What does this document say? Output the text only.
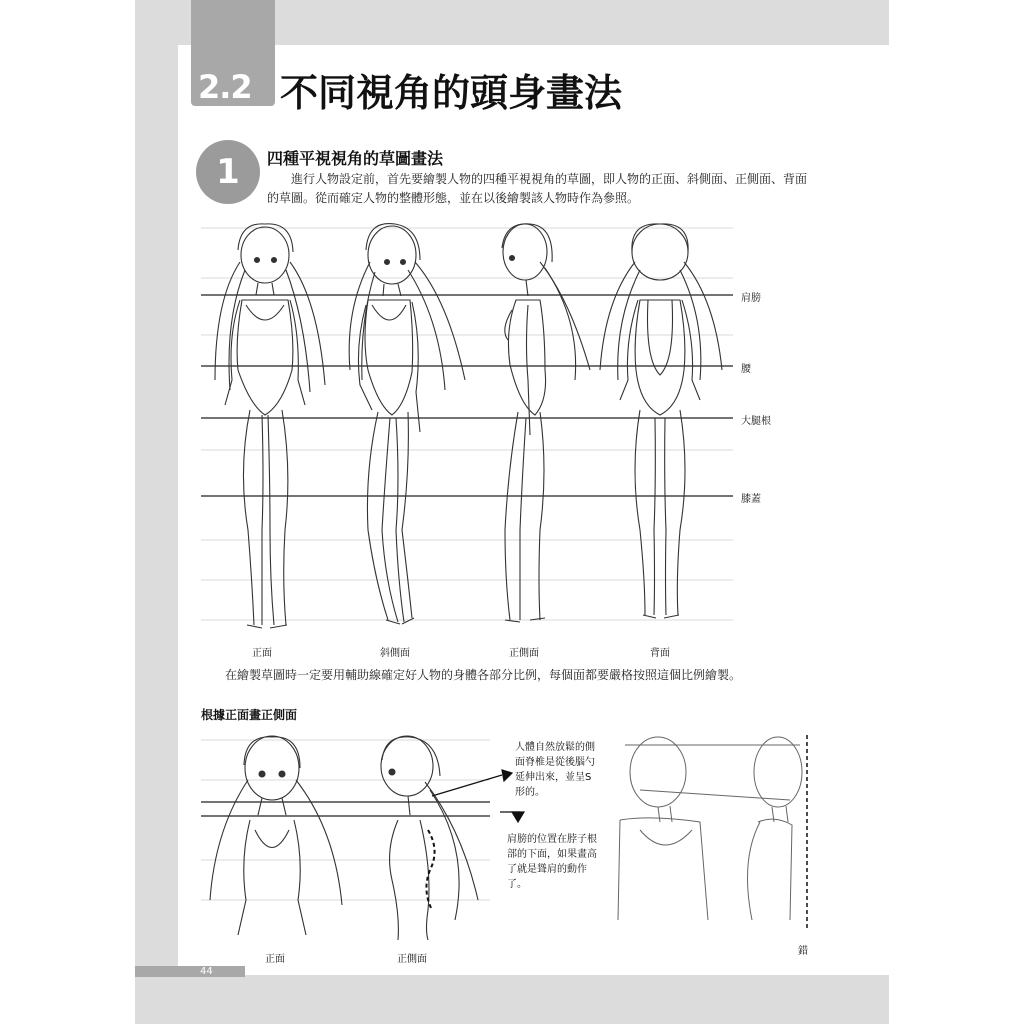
2.2 不同視角的頭身畫法
1	四種平視視角的草圖畫法
進行人物設定前，首先要繪製人物的四種平視視角的草圖，即人物的正面、斜側面、正側面、背面的草圖。從而確定人物的整體形態，並在以後繪製該人物時作為參照。
肩膀
腰
大腿根
膝蓋
正面	斜側面	正側面	背面
在繪製草圖時一定要用輔助線確定好人物的身體各部分比例，每個面都要嚴格按照這個比例繪製。
根據正面畫正側面
人體自然放鬆的側面脊椎是從後腦勺延伸出來，並呈S形的。
肩膀的位置在脖子根部的下面，如果畫高了就是聳肩的動作了。
錯
正面	正側面
44
